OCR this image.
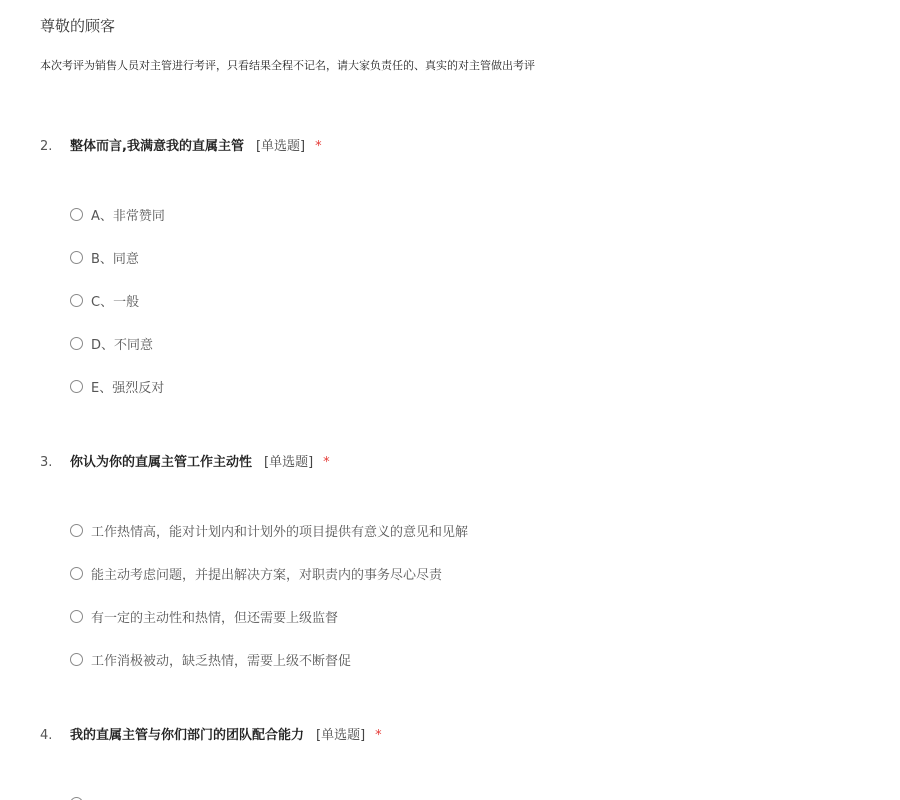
尊敬的顾客
本次考评为销售人员对主管进行考评，只看结果全程不记名，请大家负责任的、真实的对主管做出考评
2. 整体而言,我满意我的直属主管 [单选题] *
A、非常赞同
B、同意
C、一般
D、不同意
E、强烈反对
3. 你认为你的直属主管工作主动性 [单选题] *
工作热情高，能对计划内和计划外的项目提供有意义的意见和见解
能主动考虑问题，并提出解决方案，对职责内的事务尽心尽责
有一定的主动性和热情，但还需要上级监督
工作消极被动，缺乏热情，需要上级不断督促
4. 我的直属主管与你们部门的团队配合能力 [单选题] *
